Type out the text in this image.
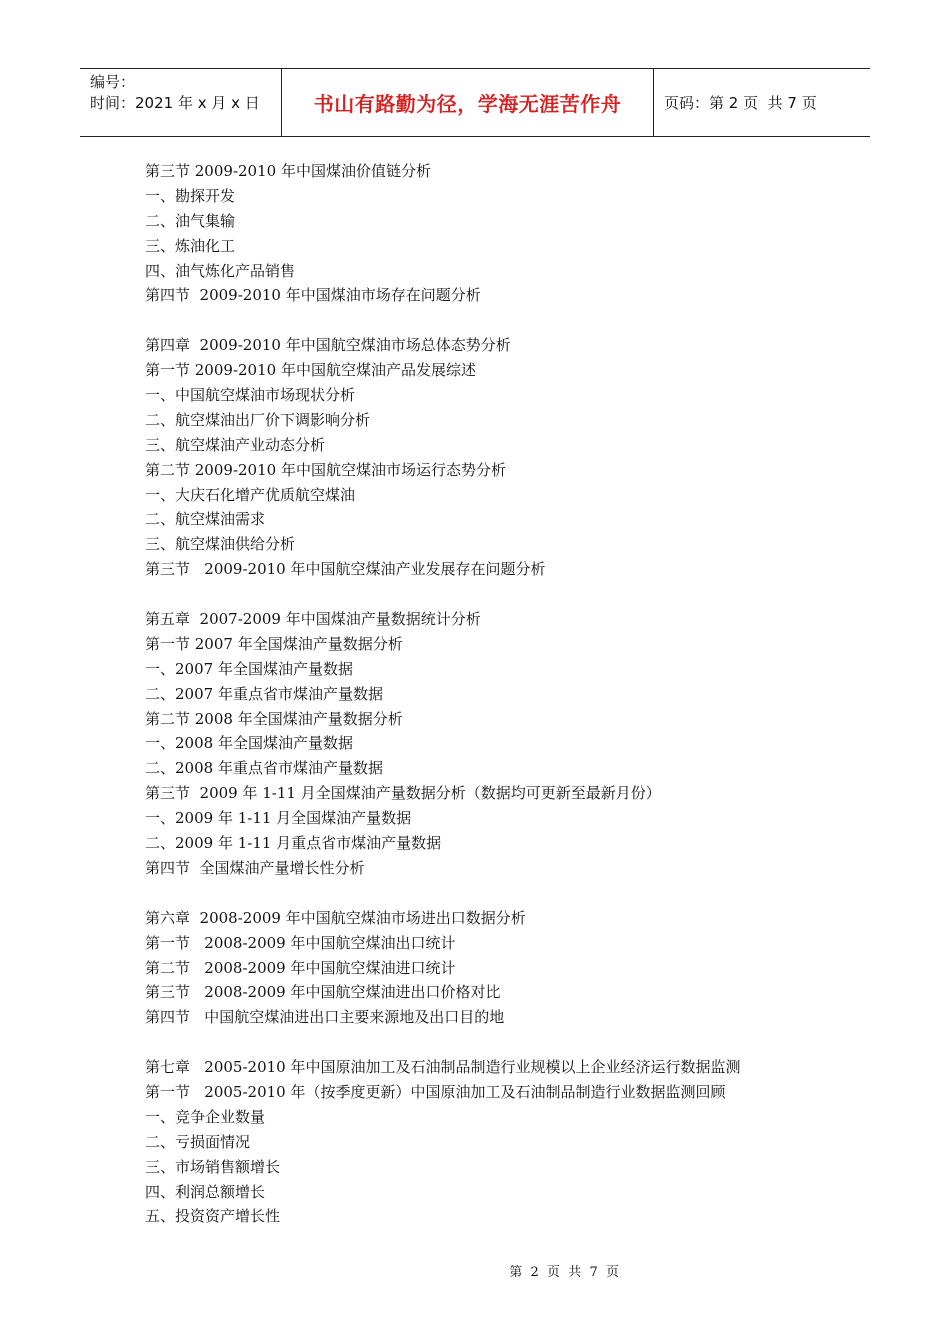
编号：
时间：2021 年 x 月 x 日	书山有路勤为径，学海无涯苦作舟	页码：第 2 页  共 7 页
第三节 2009-2010 年中国煤油价值链分析
一、勘探开发
二、油气集输
三、炼油化工
四、油气炼化产品销售
第四节  2009-2010 年中国煤油市场存在问题分析
第四章  2009-2010 年中国航空煤油市场总体态势分析
第一节 2009-2010 年中国航空煤油产品发展综述
一、中国航空煤油市场现状分析
二、航空煤油出厂价下调影响分析
三、航空煤油产业动态分析
第二节 2009-2010 年中国航空煤油市场运行态势分析
一、大庆石化增产优质航空煤油
二、航空煤油需求
三、航空煤油供给分析
第三节   2009-2010 年中国航空煤油产业发展存在问题分析
第五章  2007-2009 年中国煤油产量数据统计分析
第一节 2007 年全国煤油产量数据分析
一、2007 年全国煤油产量数据
二、2007 年重点省市煤油产量数据
第二节 2008 年全国煤油产量数据分析
一、2008 年全国煤油产量数据
二、2008 年重点省市煤油产量数据
第三节  2009 年 1-11 月全国煤油产量数据分析（数据均可更新至最新月份）
一、2009 年 1-11 月全国煤油产量数据
二、2009 年 1-11 月重点省市煤油产量数据
第四节  全国煤油产量增长性分析
第六章  2008-2009 年中国航空煤油市场进出口数据分析
第一节   2008-2009 年中国航空煤油出口统计
第二节   2008-2009 年中国航空煤油进口统计
第三节   2008-2009 年中国航空煤油进出口价格对比
第四节   中国航空煤油进出口主要来源地及出口目的地
第七章   2005-2010 年中国原油加工及石油制品制造行业规模以上企业经济运行数据监测
第一节   2005-2010 年（按季度更新）中国原油加工及石油制品制造行业数据监测回顾
一、竞争企业数量
二、亏损面情况
三、市场销售额增长
四、利润总额增长
五、投资资产增长性

第  2  页  共  7  页
